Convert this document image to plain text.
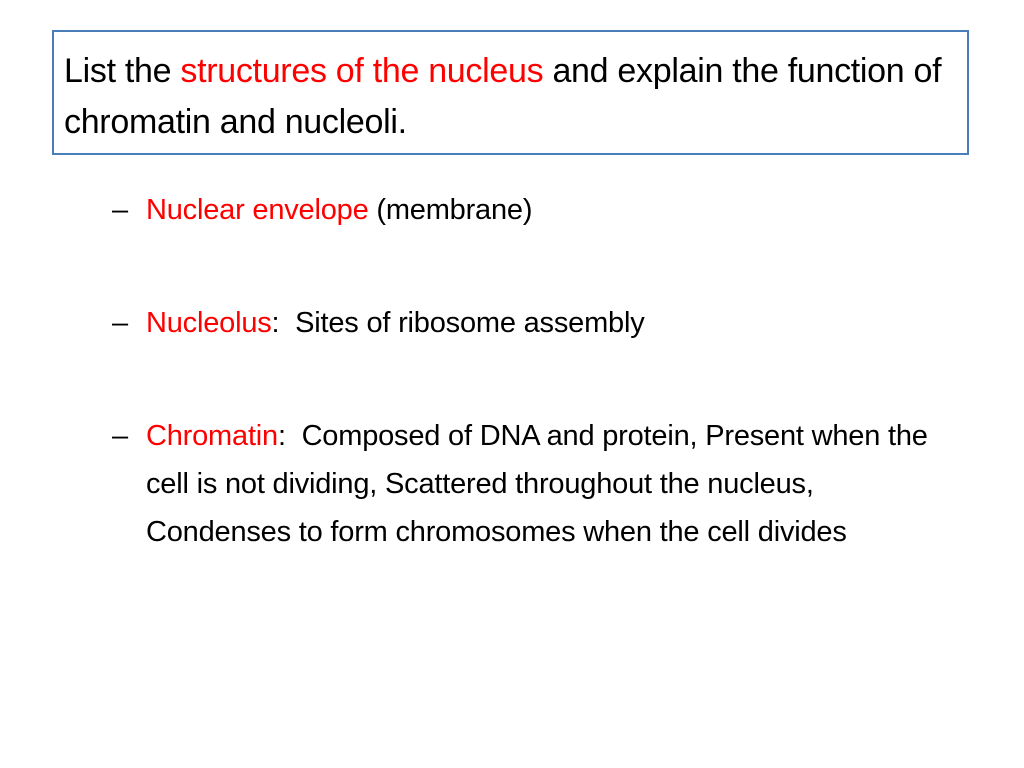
List the structures of the nucleus and explain the function of chromatin and nucleoli.
– Nuclear envelope (membrane)
– Nucleolus:  Sites of ribosome assembly
– Chromatin:  Composed of DNA and protein, Present when the cell is not dividing, Scattered throughout the nucleus, Condenses to form chromosomes when the cell divides
